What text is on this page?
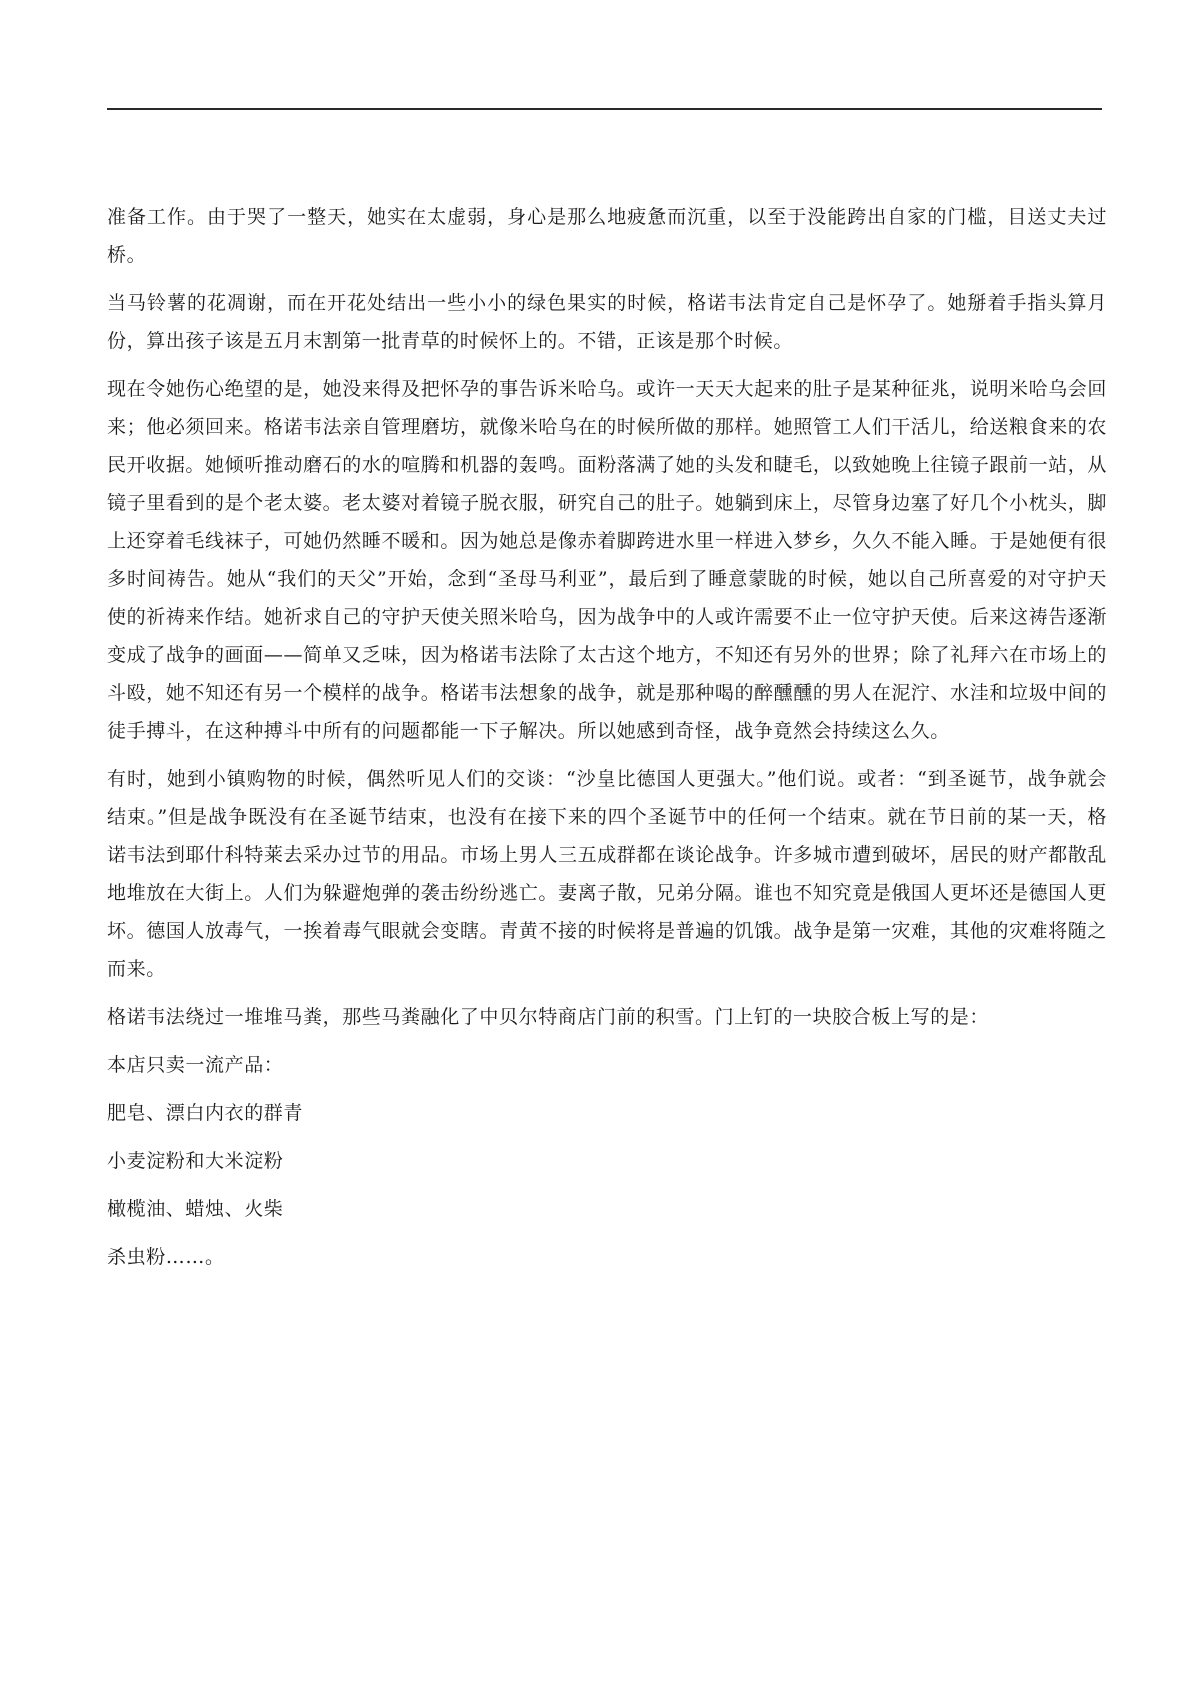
准备工作。由于哭了一整天，她实在太虚弱，身心是那么地疲惫而沉重，以至于没能跨出自家的门槛，目送丈夫过桥。

当马铃薯的花凋谢，而在开花处结出一些小小的绿色果实的时候，格诺韦法肯定自己是怀孕了。她掰着手指头算月份，算出孩子该是五月末割第一批青草的时候怀上的。不错，正该是那个时候。

现在令她伤心绝望的是，她没来得及把怀孕的事告诉米哈乌。或许一天天大起来的肚子是某种征兆，说明米哈乌会回来；他必须回来。格诺韦法亲自管理磨坊，就像米哈乌在的时候所做的那样。她照管工人们干活儿，给送粮食来的农民开收据。她倾听推动磨石的水的喧腾和机器的轰鸣。面粉落满了她的头发和睫毛，以致她晚上往镜子跟前一站，从镜子里看到的是个老太婆。老太婆对着镜子脱衣服，研究自己的肚子。她躺到床上，尽管身边塞了好几个小枕头，脚上还穿着毛线袜子，可她仍然睡不暖和。因为她总是像赤着脚跨进水里一样进入梦乡，久久不能入睡。于是她便有很多时间祷告。她从“我们的天父”开始，念到“圣母马利亚”，最后到了睡意蒙眬的时候，她以自己所喜爱的对守护天使的祈祷来作结。她祈求自己的守护天使关照米哈乌，因为战争中的人或许需要不止一位守护天使。后来这祷告逐渐变成了战争的画面——简单又乏味，因为格诺韦法除了太古这个地方，不知还有另外的世界；除了礼拜六在市场上的斗殴，她不知还有另一个模样的战争。格诺韦法想象的战争，就是那种喝的醉醺醺的男人在泥泞、水洼和垃圾中间的徒手搏斗，在这种搏斗中所有的问题都能一下子解决。所以她感到奇怪，战争竟然会持续这么久。

有时，她到小镇购物的时候，偶然听见人们的交谈：“沙皇比德国人更强大。”他们说。或者：“到圣诞节，战争就会结束。”但是战争既没有在圣诞节结束，也没有在接下来的四个圣诞节中的任何一个结束。就在节日前的某一天，格诺韦法到耶什科特莱去采办过节的用品。市场上男人三五成群都在谈论战争。许多城市遭到破坏，居民的财产都散乱地堆放在大街上。人们为躲避炮弹的袭击纷纷逃亡。妻离子散，兄弟分隔。谁也不知究竟是俄国人更坏还是德国人更坏。德国人放毒气，一挨着毒气眼就会变瞎。青黄不接的时候将是普遍的饥饿。战争是第一灾难，其他的灾难将随之而来。

格诺韦法绕过一堆堆马粪，那些马粪融化了中贝尔特商店门前的积雪。门上钉的一块胶合板上写的是：

本店只卖一流产品：

肥皂、漂白内衣的群青

小麦淀粉和大米淀粉

橄榄油、蜡烛、火柴

杀虫粉……。
